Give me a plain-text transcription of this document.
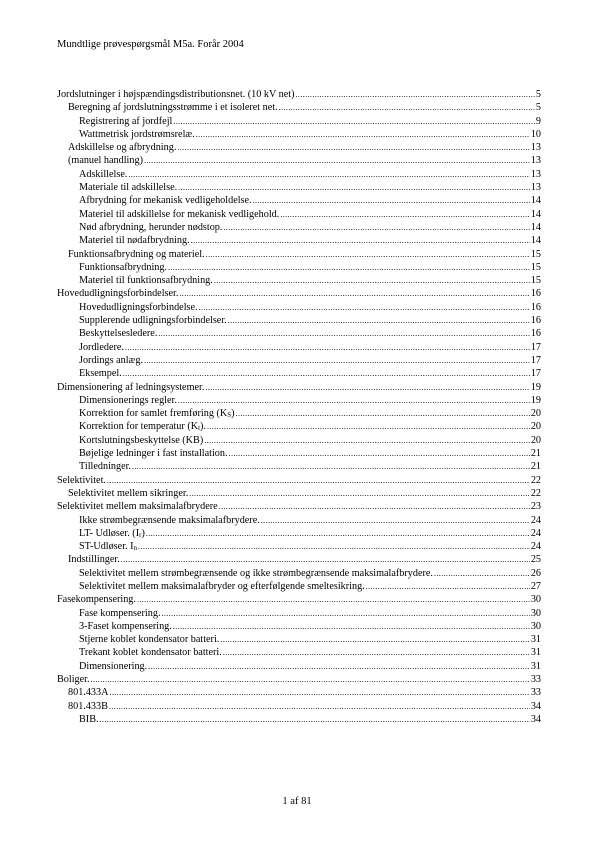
Mundtlige prøvespørgsmål M5a. Forår 2004
Jordslutninger i højspændingsdistributionsnet. (10 kV net) .....	5
Beregning af jordslutningsstrømme i et isoleret net. .....	5
Registrering af jordfejl .....	9
Wattmetrisk jordstrømsrelæ. .....	10
Adskillelse og afbrydning. .....	13
(manuel handling) .....	13
Adskillelse. .....	13
Materiale til adskillelse. .....	13
Afbrydning for mekanisk vedligeholdelse. .....	14
Materiel til adskillelse for mekanisk vedligehold. .....	14
Nød afbrydning, herunder nødstop. .....	14
Materiel til nødafbrydning. .....	14
Funktionsafbrydning og materiel. .....	15
Funktionsafbrydning. .....	15
Materiel til funktionsafbrydning. .....	15
Hovedudligningsforbindelser. .....	16
Hovedudligningsforbindelse. .....	16
Supplerende udligningsforbindelser. .....	16
Beskyttelsesledere. .....	16
Jordledere. .....	17
Jordings anlæg. .....	17
Eksempel. .....	17
Dimensionering af ledningsystemer. .....	19
Dimensionerings regler. .....	19
Korrektion for samlet fremføring $(K_S)$ .....	20
Korrektion for temperatur $(K_t)$. .....	20
Kortslutningsbeskyttelse (KB) .....	20
Bøjelige ledninger i fast installation. .....	21
Tilledninger. .....	21
Selektivitet. .....	22
Selektivitet mellem sikringer. .....	22
Selektivitet mellem maksimalafbrydere .....	23
Ikke strømbegrænsende maksimalafbrydere. .....	24
LT- Udløser. $(I_r)$ .....	24
ST-Udløser. $I_n$ .....	24
Indstillinger. .....	25
Selektivitet mellem strømbegrænsende og ikke strømbegrænsende maksimalafbrydere. .....	26
Selektivitet mellem maksimalafbryder og efterfølgende smeltesikring. .....	27
Fasekompensering. .....	30
Fase kompensering. .....	30
3-Faset kompensering. .....	30
Stjerne koblet kondensator batteri. .....	31
Trekant koblet kondensator batteri. .....	31
Dimensionering. .....	31
Boliger. .....	33
801.433A .....	33
801.433B .....	34
BIB. .....	34
1 af 81
